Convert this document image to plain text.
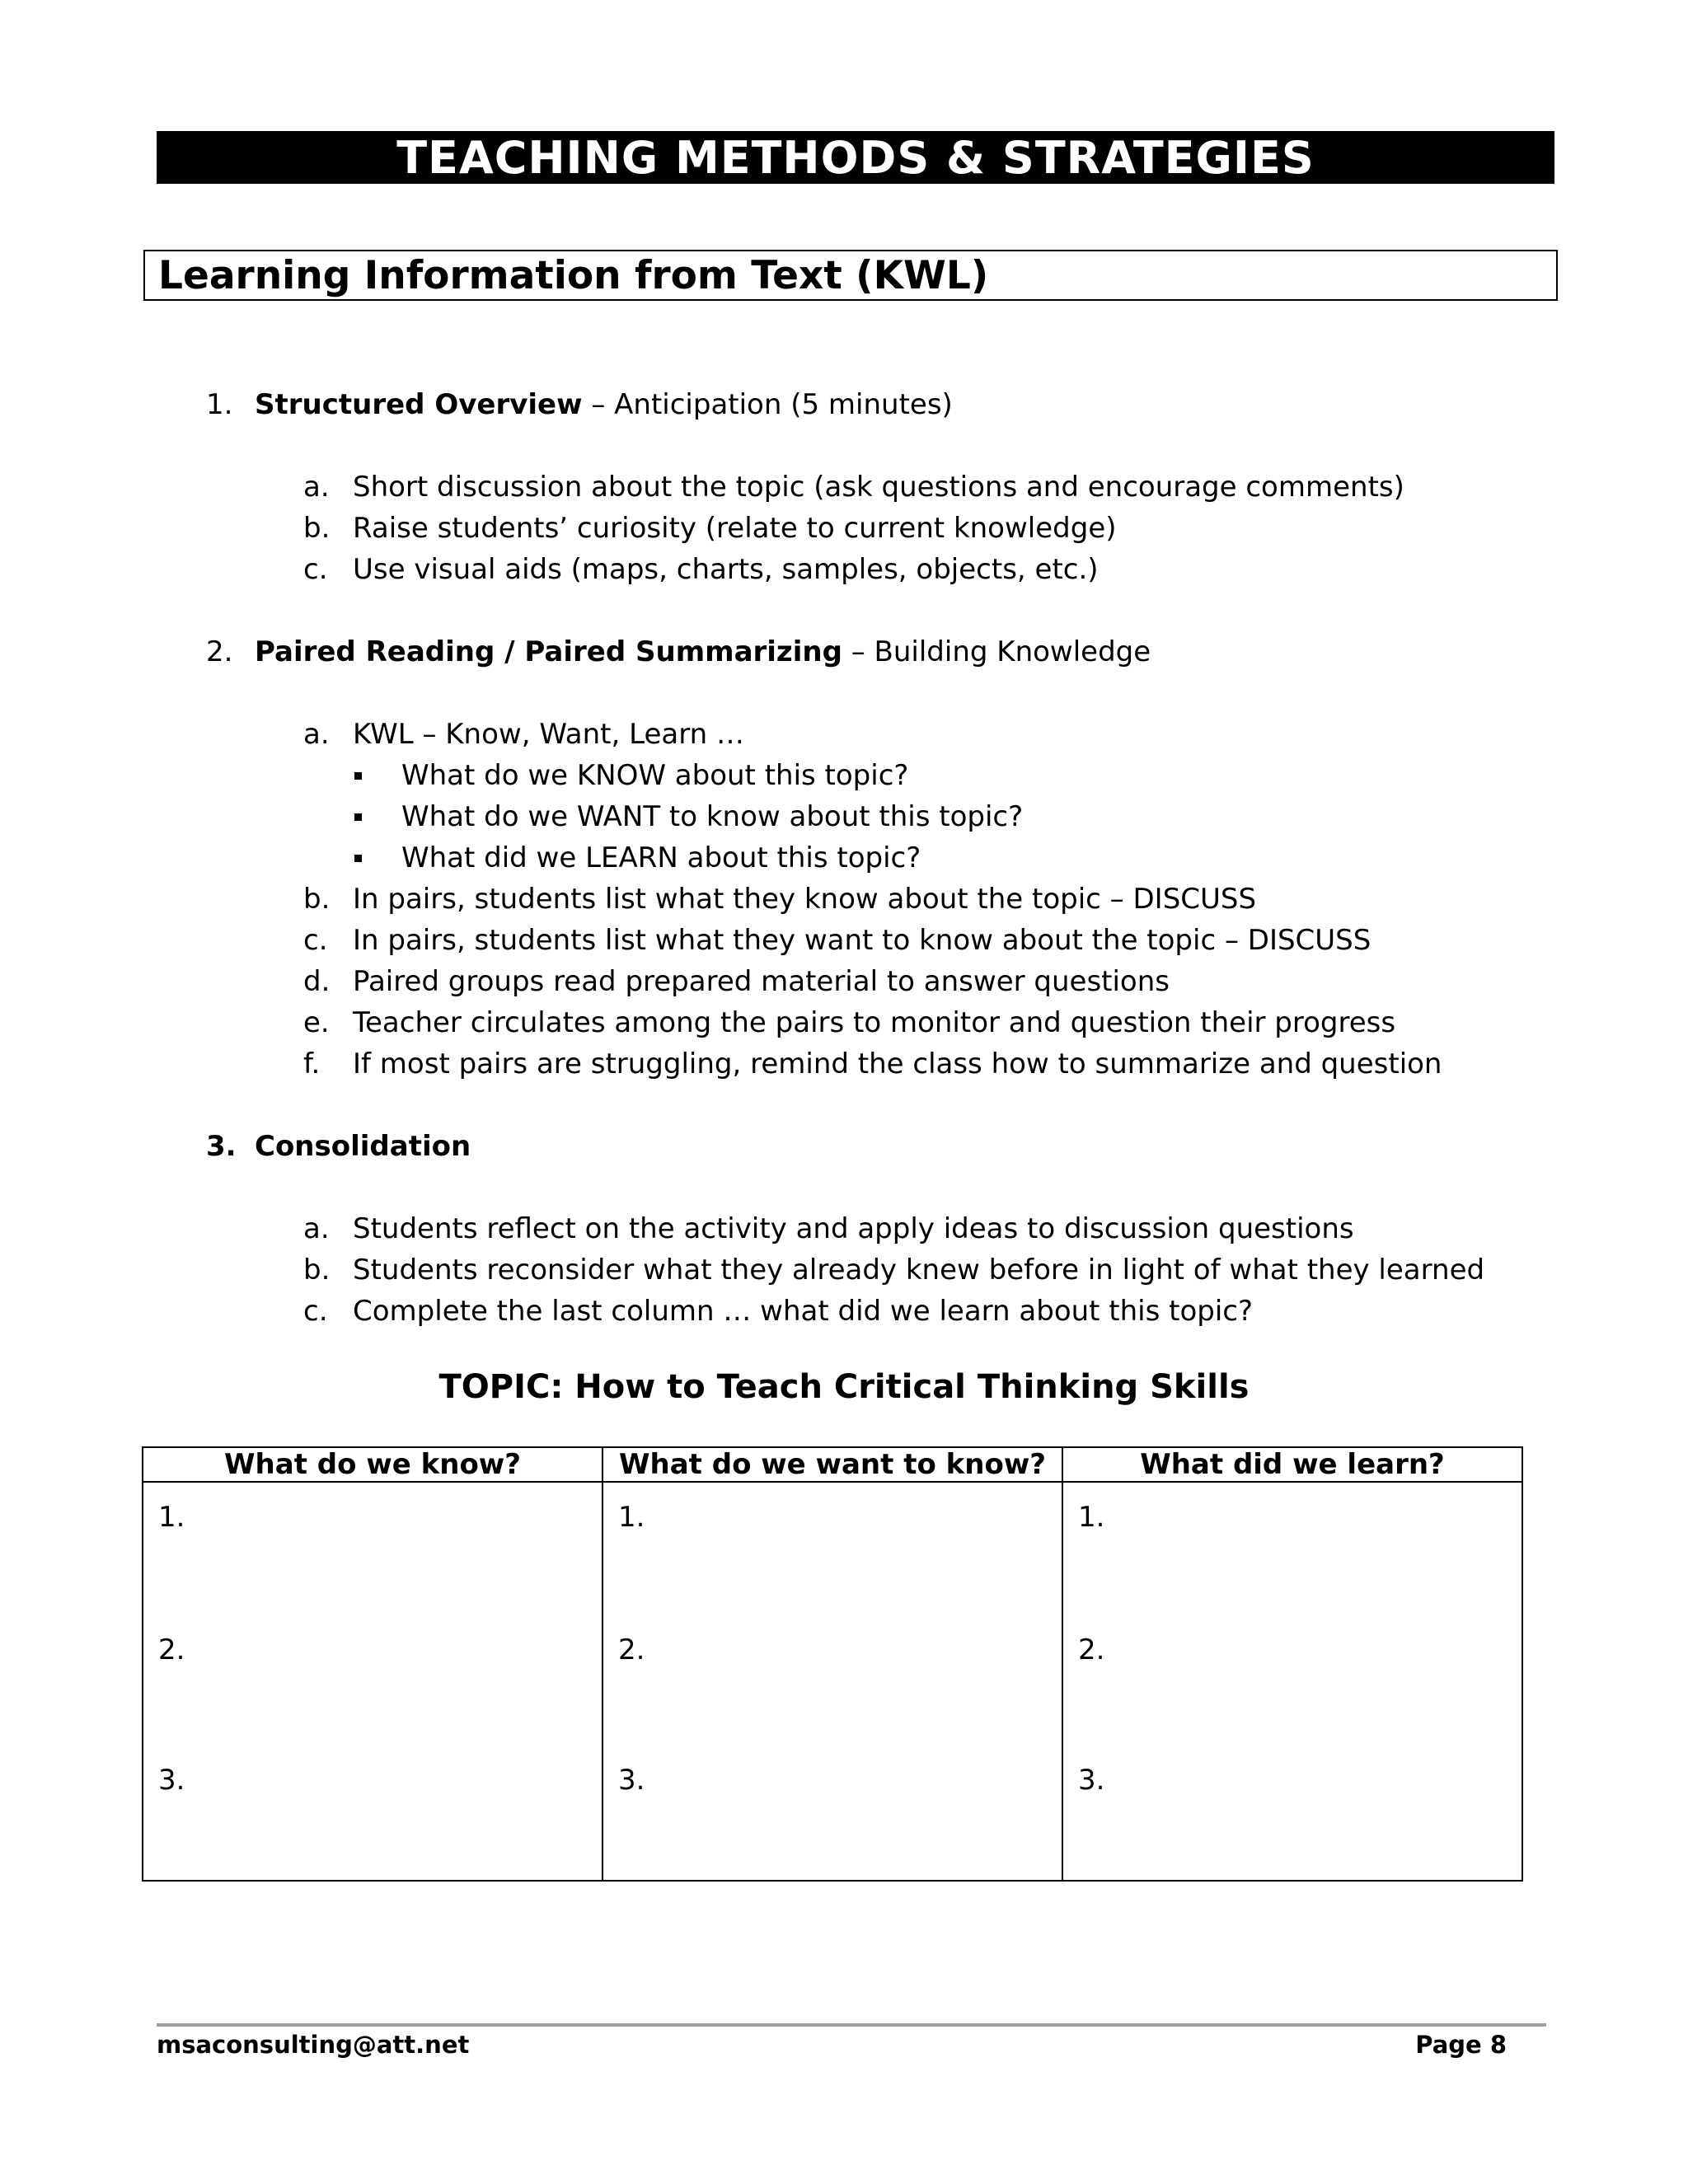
TEACHING METHODS & STRATEGIES
Learning Information from Text (KWL)
1. Structured Overview – Anticipation (5 minutes)
a. Short discussion about the topic (ask questions and encourage comments)
b. Raise students’ curiosity (relate to current knowledge)
c. Use visual aids (maps, charts, samples, objects, etc.)
2. Paired Reading / Paired Summarizing – Building Knowledge
a. KWL – Know, Want, Learn …
What do we KNOW about this topic?
What do we WANT to know about this topic?
What did we LEARN about this topic?
b. In pairs, students list what they know about the topic – DISCUSS
c. In pairs, students list what they want to know about the topic – DISCUSS
d. Paired groups read prepared material to answer questions
e. Teacher circulates among the pairs to monitor and question their progress
f. If most pairs are struggling, remind the class how to summarize and question
3. Consolidation
a. Students reflect on the activity and apply ideas to discussion questions
b. Students reconsider what they already knew before in light of what they learned
c. Complete the last column … what did we learn about this topic?
TOPIC: How to Teach Critical Thinking Skills
What do we know?	What do we want to know?	What did we learn?

1.
2.
3.	1.
2.
3.	1.
2.
3.
msaconsulting@att.net	Page 8
